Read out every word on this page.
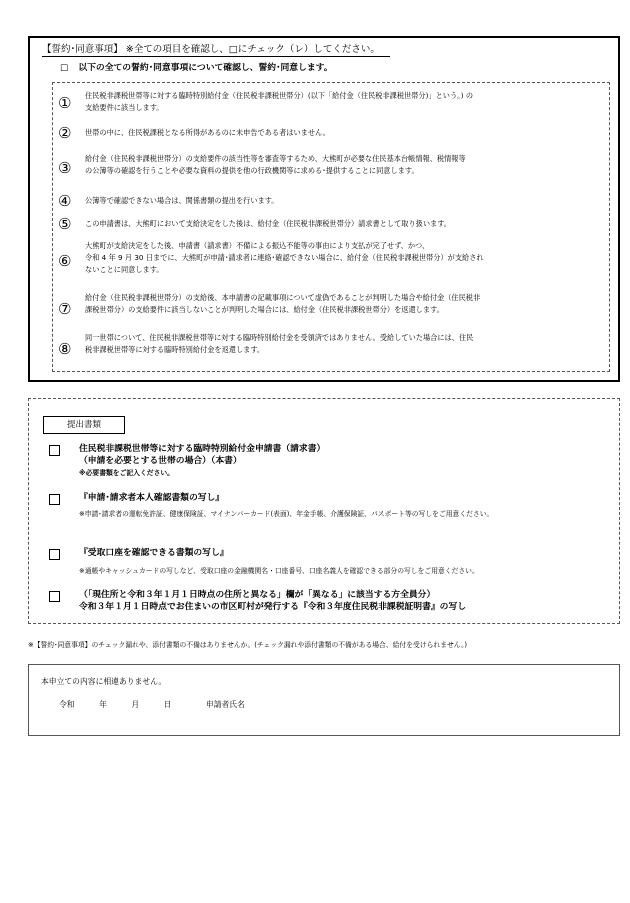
【誓約･同意事項】 ※全ての項目を確認し、□にチェック（レ）してください。
□ 以下の全ての誓約･同意事項について確認し、誓約･同意します。
① 住民税非課税世帯等に対する臨時特別給付金（住民税非課税世帯分）(以下「給付金（住民税非課税世帯分)」という。) の
支給要件に該当します。
② 世帯の中に、住民税課税となる所得があるのに未申告である者はいません。
③
給付金（住民税非課税世帯分）の支給要件の該当性等を審査等するため、大熊町が必要な住民基本台帳情報、税情報等
の公簿等の確認を行うことや必要な資料の提供を他の行政機関等に求める･提供することに同意します。
④ 公簿等で確認できない場合は、関係書類の提出を行います。
⑤ この申請書は、大熊町において支給決定をした後は、給付金（住民税非課税世帯分）請求書として取り扱います。
⑥
大熊町が支給決定をした後、申請書（請求書）不備による振込不能等の事由により支払が完了せず、かつ、
令和 4 年 9 月 30 日までに、大熊町が申請･請求者に連絡･確認できない場合に、給付金（住民税非課税世帯分）が支給され
ないことに同意します。
⑦
給付金（住民税非課税世帯分）の支給後、本申請書の記載事項について虚偽であることが判明した場合や給付金（住民税非
課税世帯分）の支給要件に該当しないことが判明した場合には、給付金（住民税非課税世帯分）を返還します。
⑧
同一世帯について、住民税非課税世帯等に対する臨時特別給付金を受領済ではありません。受給していた場合には、住民
税非課税世帯等に対する臨時特別給付金を返還します。
提出書類
住民税非課税世帯等に対する臨時特別給付金申請書（請求書）
（申請を必要とする世帯の場合）（本書）
※必要書類をご記入ください。
『申請･請求者本人確認書類の写し』
※申請･請求者の運転免許証、健康保険証、マイナンバーカード(表面)、年金手帳、介護保険証、パスポート等の写しをご用意ください。
『受取口座を確認できる書類の写し』
※通帳やキャッシュカードの写しなど、受取口座の金融機関名・口座番号、口座名義人を確認できる部分の写しをご用意ください。
（「現住所と令和３年１月１日時点の住所と異なる」欄が「異なる」に該当する方全員分）
令和３年１月１日時点でお住まいの市区町村が発行する『令和３年度住民税非課税証明書』の写し
※【誓約･同意事項】のチェック漏れや、添付書類の不備はありませんか。(チェック漏れや添付書類の不備がある場合、給付を受けられません。)
本申立ての内容に相違ありません。
令和	年	月	日	申請者氏名
